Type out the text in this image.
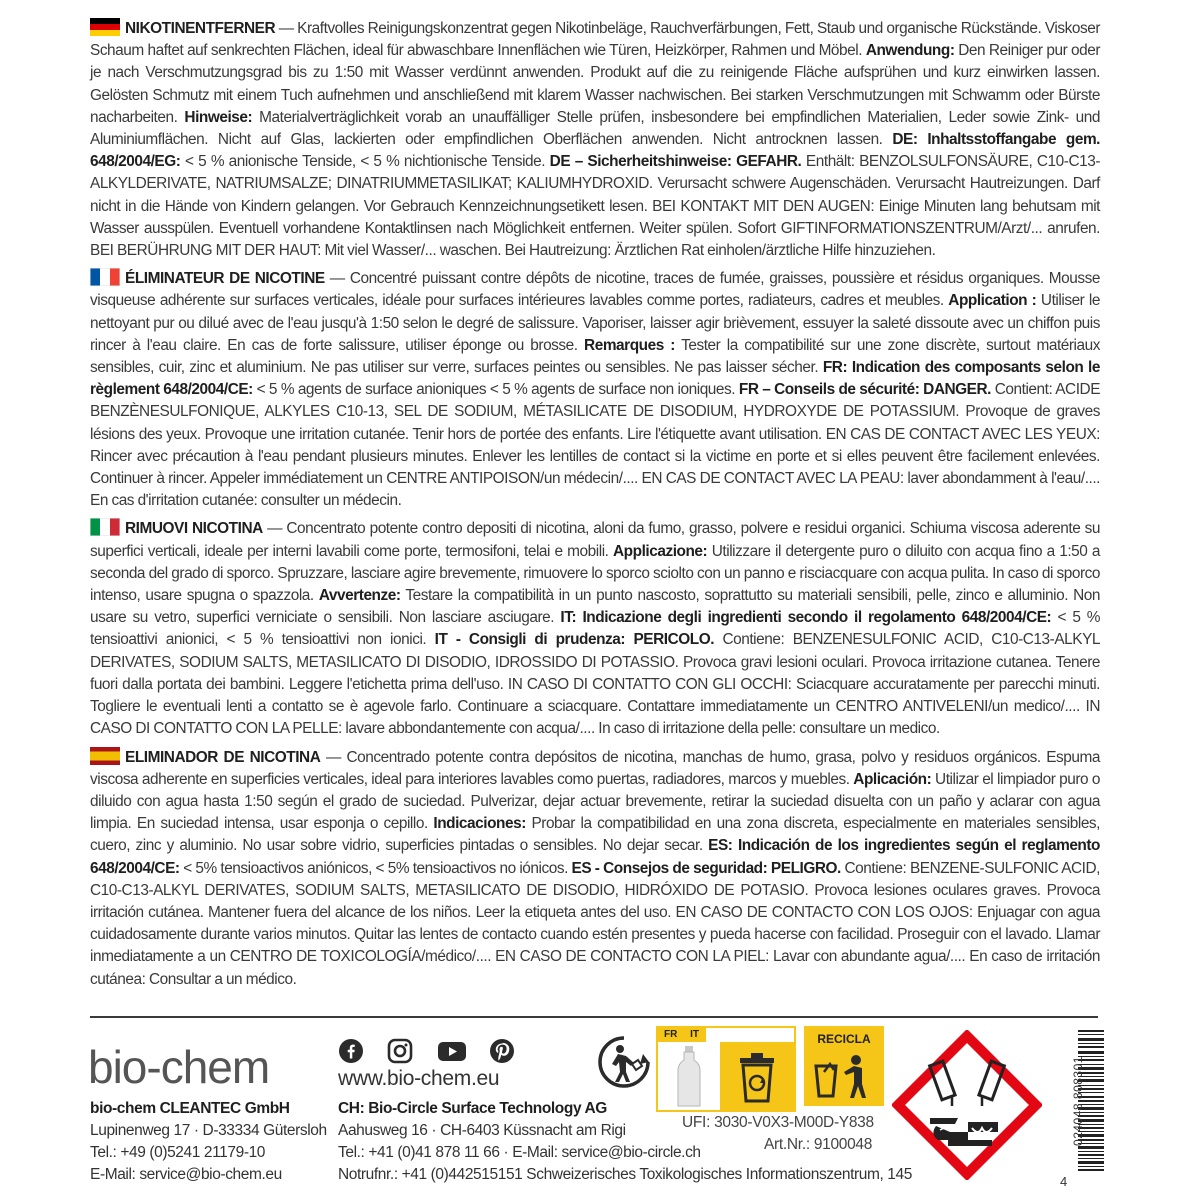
NIKOTINENTFERNER — Kraftvolles Reinigungskonzentrat gegen Nikotinbeläge, Rauchverfärbungen, Fett, Staub und organische Rückstände. Viskoser Schaum haftet auf senkrechten Flächen, ideal für abwaschbare Innenflächen wie Türen, Heizkörper, Rahmen und Möbel. Anwendung: Den Reiniger pur oder je nach Verschmutzungsgrad bis zu 1:50 mit Wasser verdünnt anwenden. Produkt auf die zu reinigende Fläche aufsprühen und kurz einwirken lassen. Gelösten Schmutz mit einem Tuch aufnehmen und anschließend mit klarem Wasser nachwischen. Bei starken Verschmutzungen mit Schwamm oder Bürste nacharbeiten. Hinweise: Materialverträglichkeit vorab an unauffälliger Stelle prüfen, insbesondere bei empfindlichen Materialien, Leder sowie Zink- und Aluminiumflächen. Nicht auf Glas, lackierten oder empfindlichen Oberflächen anwenden. Nicht antrocknen lassen. DE: Inhaltsstoffangabe gem. 648/2004/EG: < 5 % anionische Tenside, < 5 % nichtionische Tenside. DE – Sicherheitshinweise: GEFAHR. Enthält: BENZOLSULFONSÄURE, C10-C13-ALKYLDERIVATE, NATRIUMSALZE; DINATRIUMMETASILIKAT; KALIUMHYDROXID. Verursacht schwere Augenschäden. Verursacht Hautreizungen. Darf nicht in die Hände von Kindern gelangen. Vor Gebrauch Kennzeichnungsetikett lesen. BEI KONTAKT MIT DEN AUGEN: Einige Minuten lang behutsam mit Wasser ausspülen. Eventuell vorhandene Kontaktlinsen nach Möglichkeit entfernen. Weiter spülen. Sofort GIFTINFORMATIONSZENTRUM/Arzt/... anrufen. BEI BERÜHRUNG MIT DER HAUT: Mit viel Wasser/... waschen. Bei Hautreizung: Ärztlichen Rat einholen/ärztliche Hilfe hinzuziehen.
ÉLIMINATEUR DE NICOTINE — Concentré puissant contre dépôts de nicotine, traces de fumée, graisses, poussière et résidus organiques. Mousse visqueuse adhérente sur surfaces verticales, idéale pour surfaces intérieures lavables comme portes, radiateurs, cadres et meubles. Application : Utiliser le nettoyant pur ou dilué avec de l'eau jusqu'à 1:50 selon le degré de salissure. Vaporiser, laisser agir brièvement, essuyer la saleté dissoute avec un chiffon puis rincer à l'eau claire. En cas de forte salissure, utiliser éponge ou brosse. Remarques : Tester la compatibilité sur une zone discrète, surtout matériaux sensibles, cuir, zinc et aluminium. Ne pas utiliser sur verre, surfaces peintes ou sensibles. Ne pas laisser sécher. FR: Indication des composants selon le règlement 648/2004/CE: < 5 % agents de surface anioniques < 5 % agents de surface non ioniques. FR – Conseils de sécurité: DANGER. Contient: ACIDE BENZÈNESULFONIQUE, ALKYLES C10-13, SEL DE SODIUM, MÉTASILICATE DE DISODIUM, HYDROXYDE DE POTASSIUM. Provoque de graves lésions des yeux. Provoque une irritation cutanée. Tenir hors de portée des enfants. Lire l'étiquette avant utilisation. EN CAS DE CONTACT AVEC LES YEUX: Rincer avec précaution à l'eau pendant plusieurs minutes. Enlever les lentilles de contact si la victime en porte et si elles peuvent être facilement enlevées. Continuer à rincer. Appeler immédiatement un CENTRE ANTIPOISON/un médecin/.... EN CAS DE CONTACT AVEC LA PEAU: laver abondamment à l'eau/.... En cas d'irritation cutanée: consulter un médecin.
RIMUOVI NICOTINA — Concentrato potente contro depositi di nicotina, aloni da fumo, grasso, polvere e residui organici. Schiuma viscosa aderente su superfici verticali, ideale per interni lavabili come porte, termosifoni, telai e mobili. Applicazione: Utilizzare il detergente puro o diluito con acqua fino a 1:50 a seconda del grado di sporco. Spruzzare, lasciare agire brevemente, rimuovere lo sporco sciolto con un panno e risciacquare con acqua pulita. In caso di sporco intenso, usare spugna o spazzola. Avvertenze: Testare la compatibilità in un punto nascosto, soprattutto su materiali sensibili, pelle, zinco e alluminio. Non usare su vetro, superfici verniciate o sensibili. Non lasciare asciugare. IT: Indicazione degli ingredienti secondo il regolamento 648/2004/CE: < 5 % tensioattivi anionici, < 5 % tensioattivi non ionici. IT - Consigli di prudenza: PERICOLO. Contiene: BENZENESULFONIC ACID, C10-C13-ALKYL DERIVATES, SODIUM SALTS, METASILICATO DI DISODIO, IDROSSIDO DI POTASSIO. Provoca gravi lesioni oculari. Provoca irritazione cutanea. Tenere fuori dalla portata dei bambini. Leggere l'etichetta prima dell'uso. IN CASO DI CONTATTO CON GLI OCCHI: Sciacquare accuratamente per parecchi minuti. Togliere le eventuali lenti a contatto se è agevole farlo. Continuare a sciacquare. Contattare immediatamente un CENTRO ANTIVELENI/un medico/.... IN CASO DI CONTATTO CON LA PELLE: lavare abbondantemente con acqua/.... In caso di irritazione della pelle: consultare un medico.
ELIMINADOR DE NICOTINA — Concentrado potente contra depósitos de nicotina, manchas de humo, grasa, polvo y residuos orgánicos. Espuma viscosa adherente en superficies verticales, ideal para interiores lavables como puertas, radiadores, marcos y muebles. Aplicación: Utilizar el limpiador puro o diluido con agua hasta 1:50 según el grado de suciedad. Pulverizar, dejar actuar brevemente, retirar la suciedad disuelta con un paño y aclarar con agua limpia. En suciedad intensa, usar esponja o cepillo. Indicaciones: Probar la compatibilidad en una zona discreta, especialmente en materiales sensibles, cuero, zinc y aluminio. No usar sobre vidrio, superficies pintadas o sensibles. No dejar secar. ES: Indicación de los ingredientes según el reglamento 648/2004/CE: < 5% tensioactivos aniónicos, < 5% tensioactivos no iónicos. ES - Consejos de seguridad: PELIGRO. Contiene: BENZENE-SULFONIC ACID, C10-C13-ALKYL DERIVATES, SODIUM SALTS, METASILICATO DE DISODIO, HIDRÓXIDO DE POTASIO. Provoca lesiones oculares graves. Provoca irritación cutánea. Mantener fuera del alcance de los niños. Leer la etiqueta antes del uso. EN CASO DE CONTACTO CON LOS OJOS: Enjuagar con agua cuidadosamente durante varios minutos. Quitar las lentes de contacto cuando estén presentes y pueda hacerse con facilidad. Proseguir con el lavado. Llamar inmediatamente a un CENTRO DE TOXICOLOGÍA/médico/.... EN CASO DE CONTACTO CON LA PIEL: Lavar con abundante agua/.... En caso de irritación cutánea: Consultar a un médico.
bio-chem
bio-chem CLEANTEC GmbH
Lupinenweg 17 · D-33334 Gütersloh
Tel.: +49 (0)5241 21179-10
E-Mail: service@bio-chem.eu
www.bio-chem.eu
CH: Bio-Circle Surface Technology AG
Aahusweg 16 · CH-6403 Küssnacht am Rigi
Tel.: +41 (0)41 878 11 66 · E-Mail: service@bio-circle.ch
Notrufnr.: +41 (0)442515151 Schweizerisches Toxikologisches Informationszentrum, 145
FR IT	RECICLA
UFI: 3030-V0X3-M00D-Y838
Art.Nr.: 9100048
4
024048 808301
